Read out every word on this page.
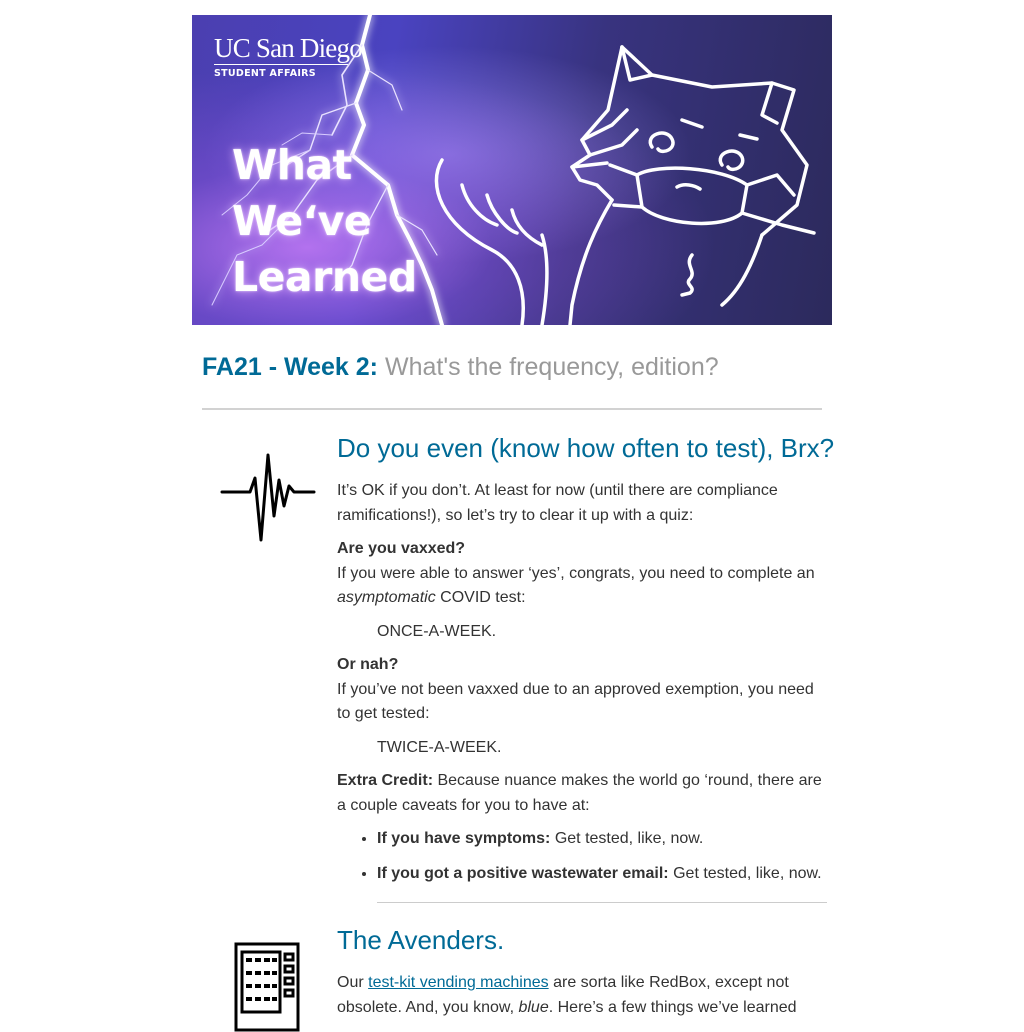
UC San Diego
STUDENT AFFAIRS
What
We‘ve
Learned
FA21 - Week 2: What's the frequency, edition?
Do you even (know how often to test), Brx?

It’s OK if you don’t. At least for now (until there are compliance ramifications!), so let’s try to clear it up with a quiz:

Are you vaxxed?
If you were able to answer ‘yes’, congrats, you need to complete an asymptomatic COVID test:

ONCE-A-WEEK.

Or nah?
If you’ve not been vaxxed due to an approved exemption, you need to get tested:

TWICE-A-WEEK.

Extra Credit: Because nuance makes the world go ‘round, there are a couple caveats for you to have at:

• If you have symptoms: Get tested, like, now.
• If you got a positive wastewater email: Get tested, like, now.
The Avenders.

Our test-kit vending machines are sorta like RedBox, except not obsolete. And, you know, blue. Here’s a few things we’ve learned
